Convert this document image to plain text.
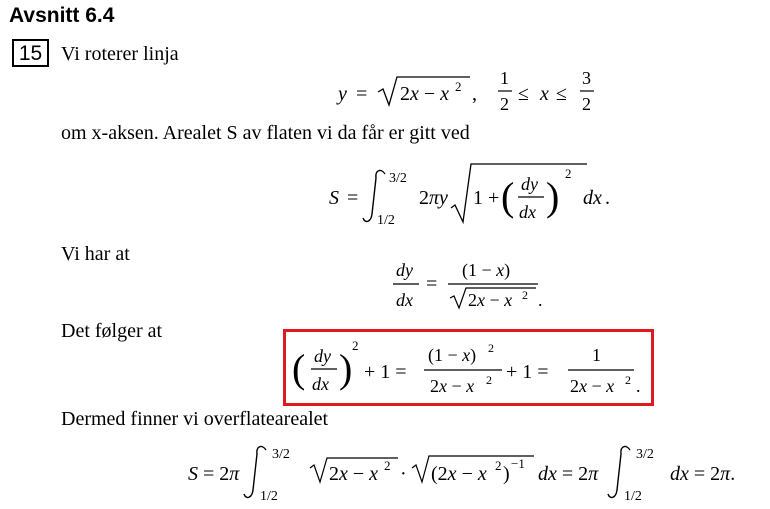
Avsnitt 6.4
15 Vi roterer linja
y = 2x − x 2 ,
1
2 ≤ x ≤
3
2
om x-aksen. Arealet S av flaten vi da får er gitt ved
S =
3/2
1/2
2πy 1 + ( dy
dx )
2
dx .
Vi har at
dy
dx
=
(1 − x)
2x − x 2 .
Det følger at
( dy
dx )
2
+ 1 =
(1 − x) 2
2x − x 2 + 1 =
1
2x − x 2 .
Dermed finner vi overflatearealet
S = 2π
3/2
1/2
2x − x 2 · (2x − x 2 ) −1 dx = 2π
3/2
1/2
dx = 2π.
